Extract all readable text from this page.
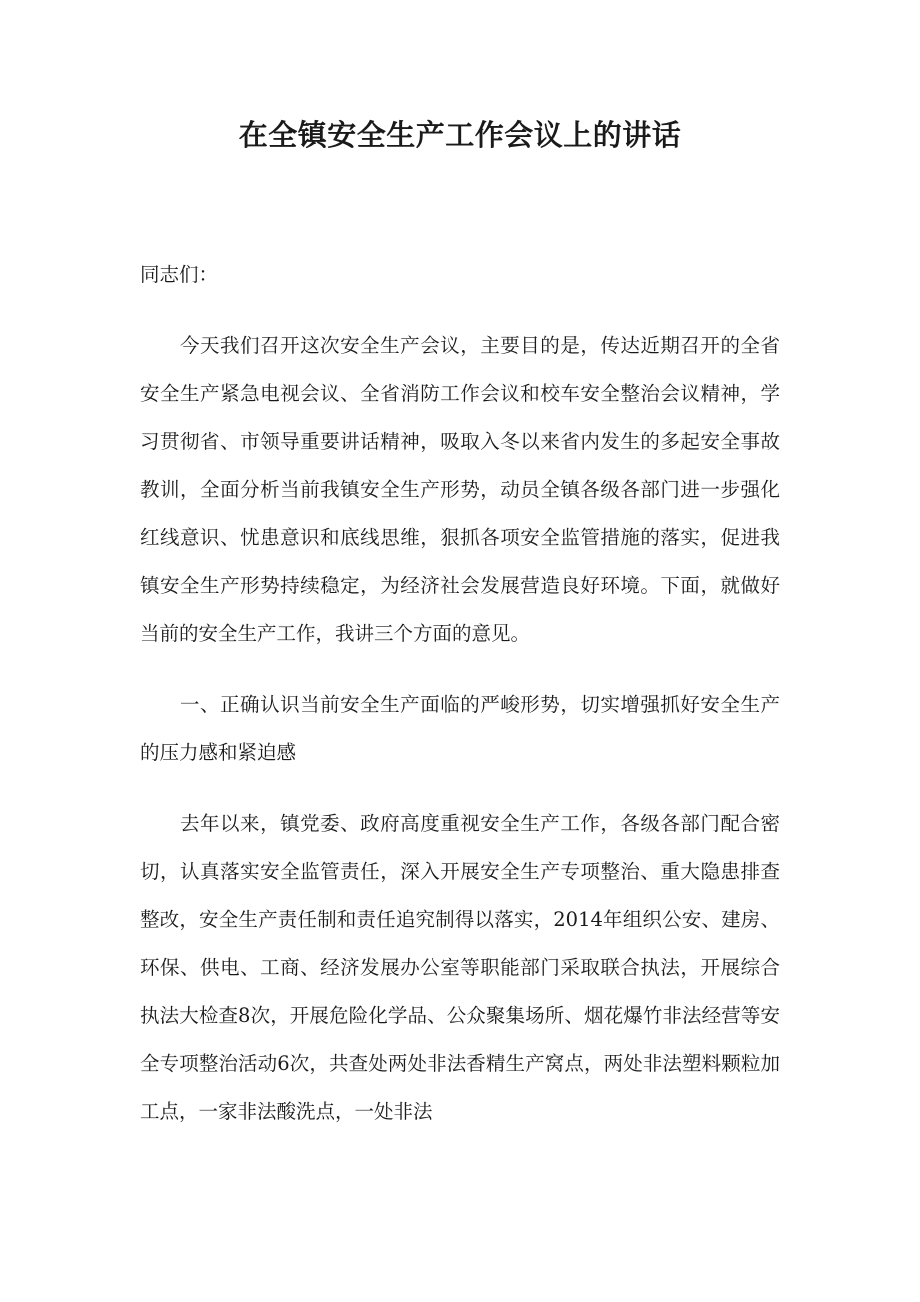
在全镇安全生产工作会议上的讲话

同志们：

今天我们召开这次安全生产会议，主要目的是，传达近期召开的全省安全生产紧急电视会议、全省消防工作会议和校车安全整治会议精神，学习贯彻省、市领导重要讲话精神，吸取入冬以来省内发生的多起安全事故教训，全面分析当前我镇安全生产形势，动员全镇各级各部门进一步强化红线意识、忧患意识和底线思维，狠抓各项安全监管措施的落实，促进我镇安全生产形势持续稳定，为经济社会发展营造良好环境。下面，就做好当前的安全生产工作，我讲三个方面的意见。

一、正确认识当前安全生产面临的严峻形势，切实增强抓好安全生产的压力感和紧迫感

去年以来，镇党委、政府高度重视安全生产工作，各级各部门配合密切，认真落实安全监管责任，深入开展安全生产专项整治、重大隐患排查整改，安全生产责任制和责任追究制得以落实，2014年组织公安、建房、环保、供电、工商、经济发展办公室等职能部门采取联合执法，开展综合执法大检查8次，开展危险化学品、公众聚集场所、烟花爆竹非法经营等安全专项整治活动6次，共查处两处非法香精生产窝点，两处非法塑料颗粒加工点，一家非法酸洗点，一处非法
